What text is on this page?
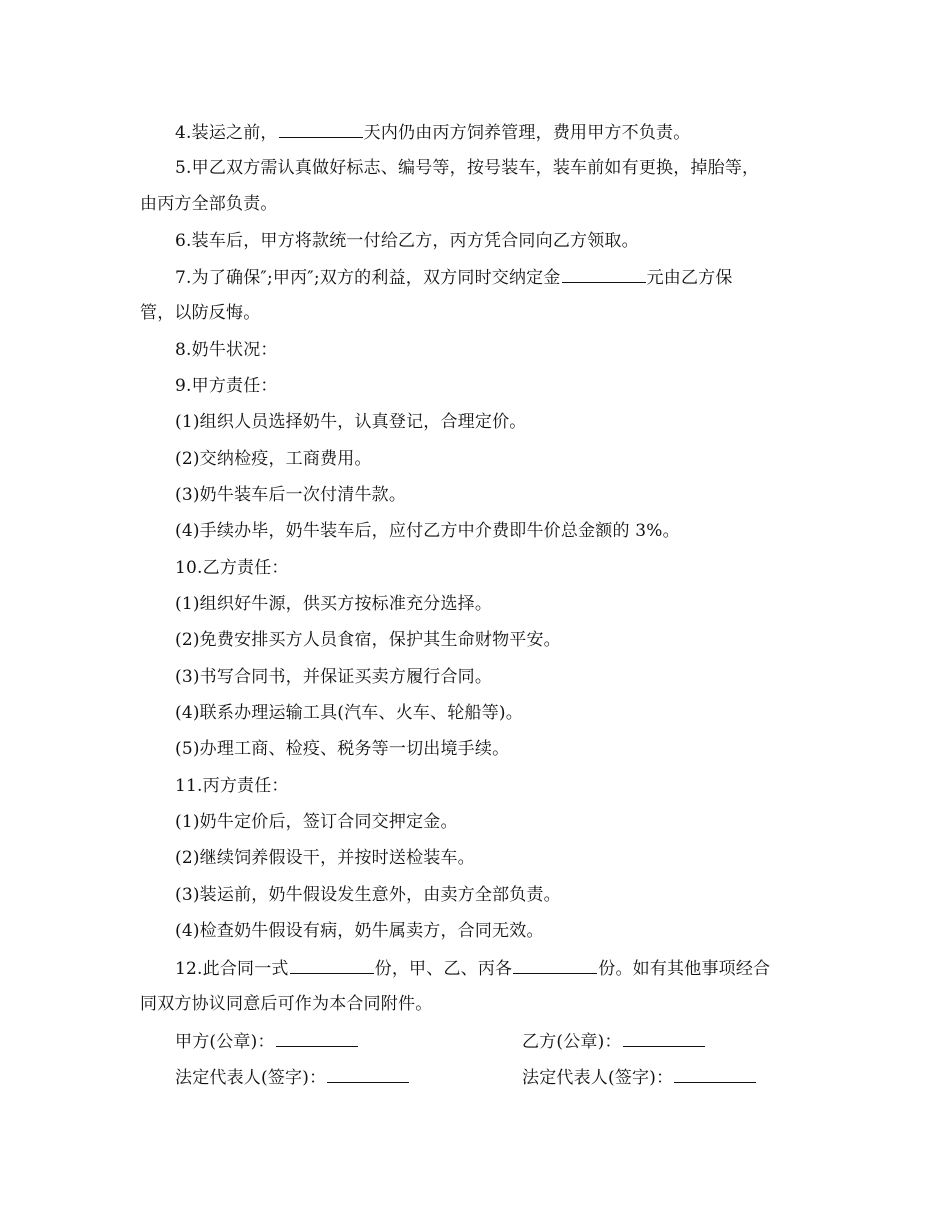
4.装运之前，	天内仍由丙方饲养管理，费用甲方不负责。
5.甲乙双方需认真做好标志、编号等，按号装车，装车前如有更换，掉胎等，
由丙方全部负责。
6.装车后，甲方将款统一付给乙方，丙方凭合同向乙方领取。
7.为了确保″;甲丙″;双方的利益，双方同时交纳定金	元由乙方保
管，以防反悔。
8.奶牛状况：
9.甲方责任：
(1)组织人员选择奶牛，认真登记，合理定价。
(2)交纳检疫，工商费用。
(3)奶牛装车后一次付清牛款。
(4)手续办毕，奶牛装车后，应付乙方中介费即牛价总金额的 3%。
10.乙方责任：
(1)组织好牛源，供买方按标准充分选择。
(2)免费安排买方人员食宿，保护其生命财物平安。
(3)书写合同书，并保证买卖方履行合同。
(4)联系办理运输工具(汽车、火车、轮船等)。
(5)办理工商、检疫、税务等一切出境手续。
11.丙方责任：
(1)奶牛定价后，签订合同交押定金。
(2)继续饲养假设干，并按时送检装车。
(3)装运前，奶牛假设发生意外，由卖方全部负责。
(4)检查奶牛假设有病，奶牛属卖方，合同无效。
12.此合同一式	份，甲、乙、丙各	份。如有其他事项经合
同双方协议同意后可作为本合同附件。
甲方(公章)：	乙方(公章)：
法定代表人(签字)：	法定代表人(签字)：
